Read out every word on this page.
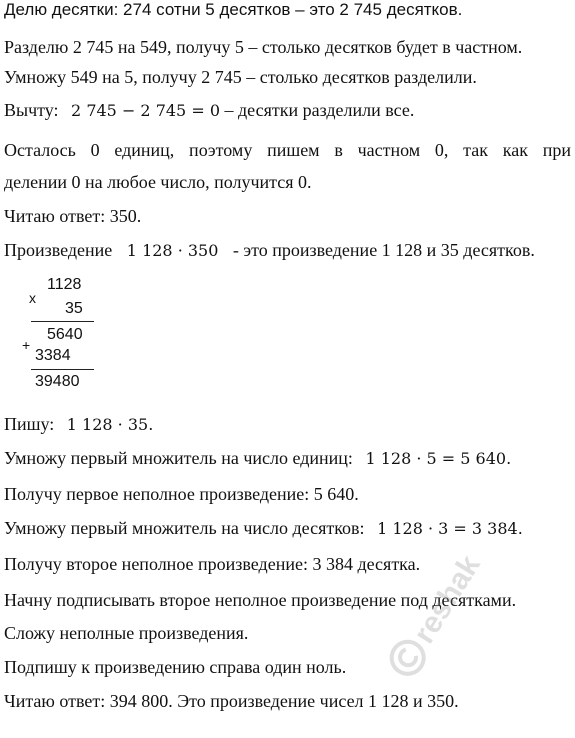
Делю десятки: 274 сотни 5 десятков – это 2 745 десятков.
Разделю 2 745 на 549, получу 5 – столько десятков будет в частном.
Умножу 549 на 5, получу 2 745 – столько десятков разделили.
Вычту: 2 745 − 2 745 = 0 – десятки разделили все.
Осталось 0 единиц, поэтому пишем в частном 0, так как при
делении 0 на любое число, получится 0.
Читаю ответ: 350.
Произведение 1 128 · 350 - это произведение 1 128 и 35 десятков.
1128
x
35
5640
+
3384
39480
Пишу: 1 128 · 35.
Умножу первый множитель на число единиц: 1 128 · 5 = 5 640.
Получу первое неполное произведение: 5 640.
Умножу первый множитель на число десятков: 1 128 · 3 = 3 384.
Получу второе неполное произведение: 3 384 десятка.
Начну подписывать второе неполное произведение под десятками.
Сложу неполные произведения.
Подпишу к произведению справа один ноль.
Читаю ответ: 394 800. Это произведение чисел 1 128 и 350.
reshak
